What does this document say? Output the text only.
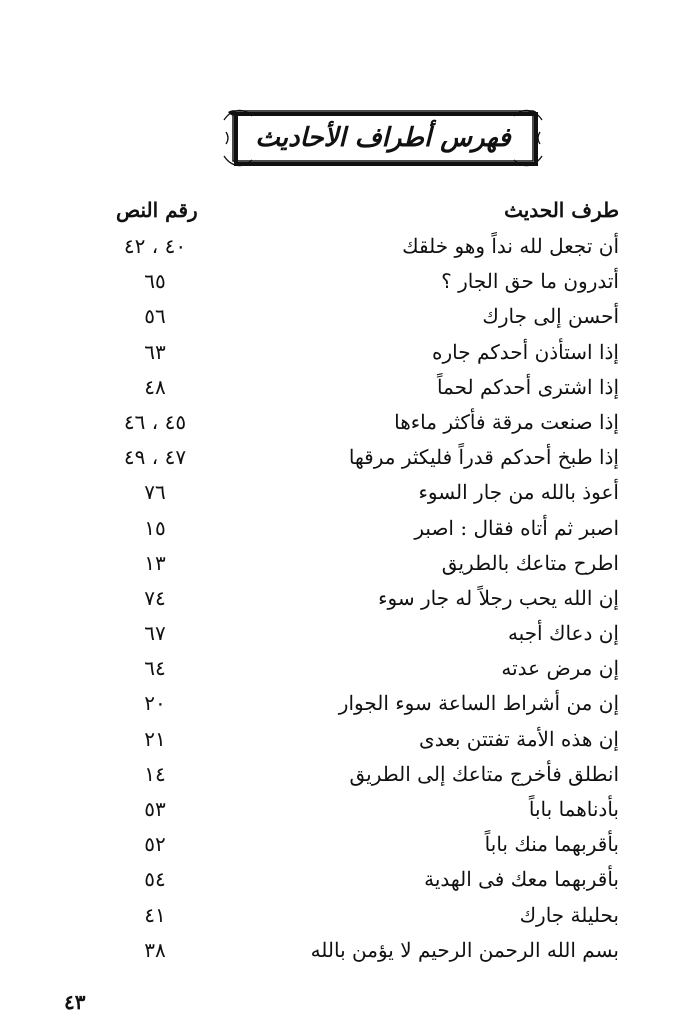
فهرس أطراف الأحاديث
طرف الحديث
رقم النص
أن تجعل لله نداً وهو خلقك
٤٠ ، ٤٢
أتدرون ما حق الجار ؟
٦٥
أحسن إلى جارك
٥٦
إذا استأذن أحدكم جاره
٦٣
إذا اشترى أحدكم لحماً
٤٨
إذا صنعت مرقة فأكثر ماءها
٤٥ ، ٤٦
إذا طبخ أحدكم قدراً فليكثر مرقها
٤٧ ، ٤٩
أعوذ بالله من جار السوء
٧٦
اصبر ثم أتاه فقال : اصبر
١٥
اطرح متاعك بالطريق
١٣
إن الله يحب رجلاً له جار سوء
٧٤
إن دعاك أجبه
٦٧
إن مرض عدته
٦٤
إن من أشراط الساعة سوء الجوار
٢٠
إن هذه الأمة تفتتن بعدى
٢١
انطلق فأخرج متاعك إلى الطريق
١٤
بأدناهما باباً
٥٣
بأقربهما منك باباً
٥٢
بأقربهما معك فى الهدية
٥٤
بحليلة جارك
٤١
بسم الله الرحمن الرحيم لا يؤمن بالله
٣٨
٤٣
